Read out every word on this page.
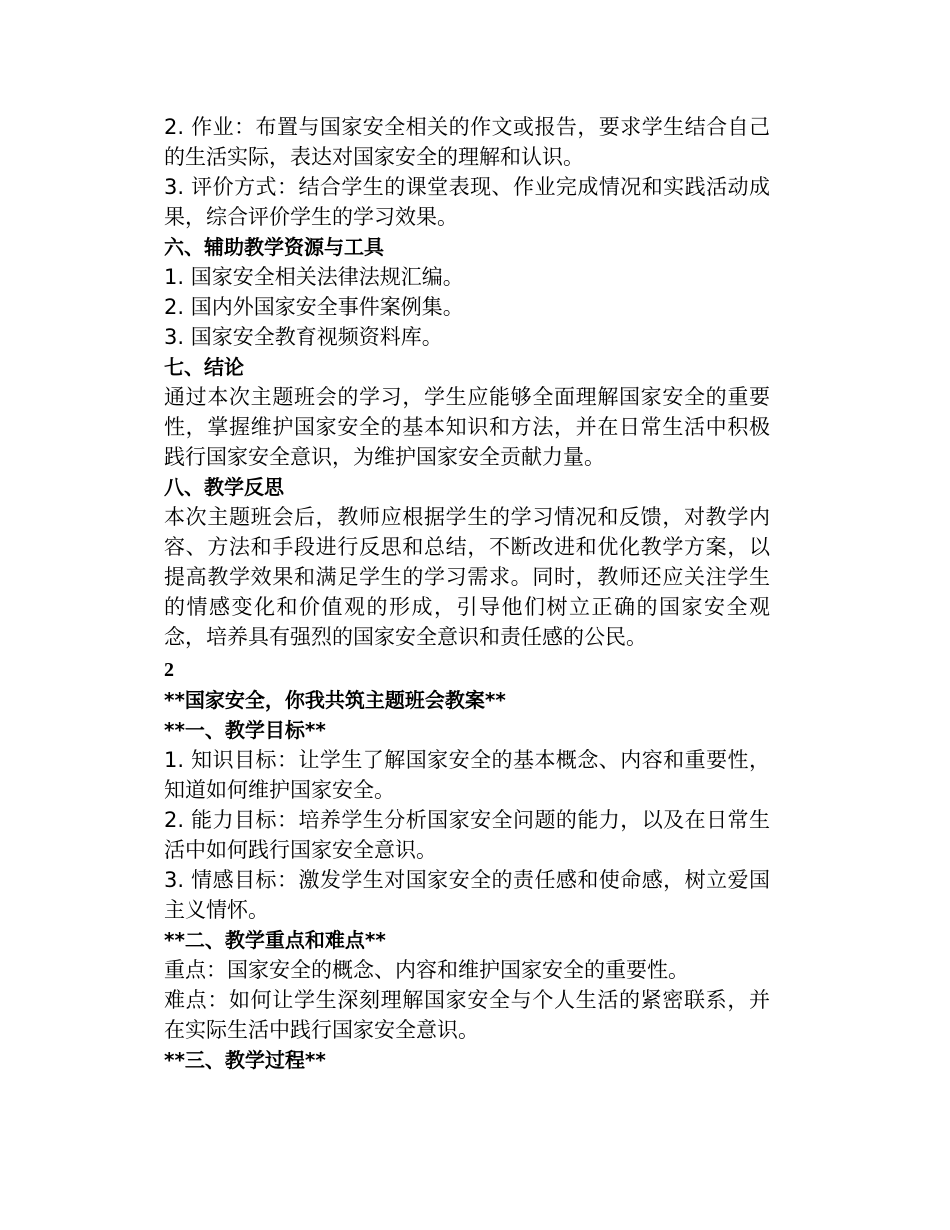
2. 作业：布置与国家安全相关的作文或报告，要求学生结合自己的生活实际，表达对国家安全的理解和认识。

3. 评价方式：结合学生的课堂表现、作业完成情况和实践活动成果，综合评价学生的学习效果。

六、辅助教学资源与工具

1. 国家安全相关法律法规汇编。

2. 国内外国家安全事件案例集。

3. 国家安全教育视频资料库。

七、结论

通过本次主题班会的学习，学生应能够全面理解国家安全的重要性，掌握维护国家安全的基本知识和方法，并在日常生活中积极践行国家安全意识，为维护国家安全贡献力量。

八、教学反思

本次主题班会后，教师应根据学生的学习情况和反馈，对教学内容、方法和手段进行反思和总结，不断改进和优化教学方案，以提高教学效果和满足学生的学习需求。同时，教师还应关注学生的情感变化和价值观的形成，引导他们树立正确的国家安全观念，培养具有强烈的国家安全意识和责任感的公民。

2

**国家安全，你我共筑主题班会教案**

**一、教学目标**

1. 知识目标：让学生了解国家安全的基本概念、内容和重要性，知道如何维护国家安全。

2. 能力目标：培养学生分析国家安全问题的能力，以及在日常生活中如何践行国家安全意识。

3. 情感目标：激发学生对国家安全的责任感和使命感，树立爱国主义情怀。

**二、教学重点和难点**

重点：国家安全的概念、内容和维护国家安全的重要性。

难点：如何让学生深刻理解国家安全与个人生活的紧密联系，并在实际生活中践行国家安全意识。

**三、教学过程**
